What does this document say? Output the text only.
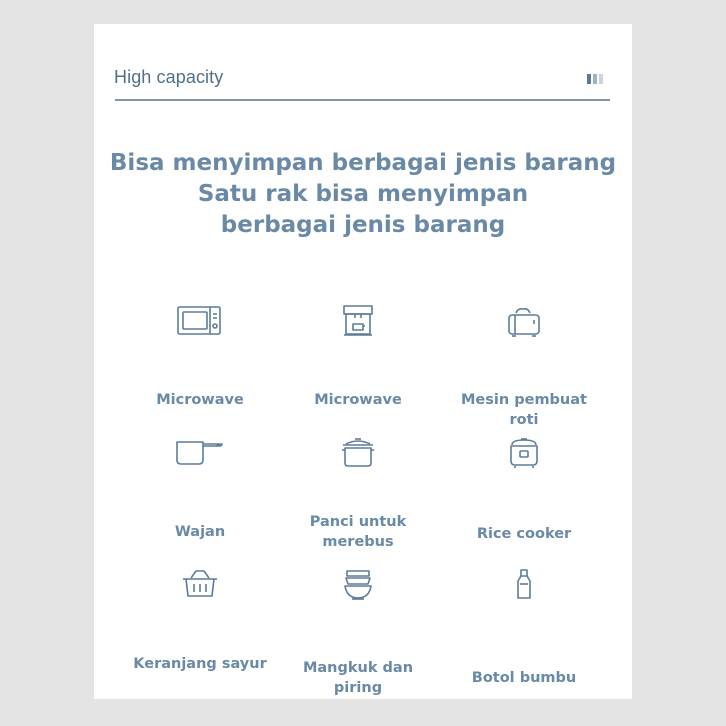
High capacity
Bisa menyimpan berbagai jenis barang
Satu rak bisa menyimpan
berbagai jenis barang
Microwave	Microwave	Mesin pembuat roti
Wajan
Panci untuk merebus	Rice cooker
Keranjang sayur	Mangkuk dan piring
Botol bumbu
